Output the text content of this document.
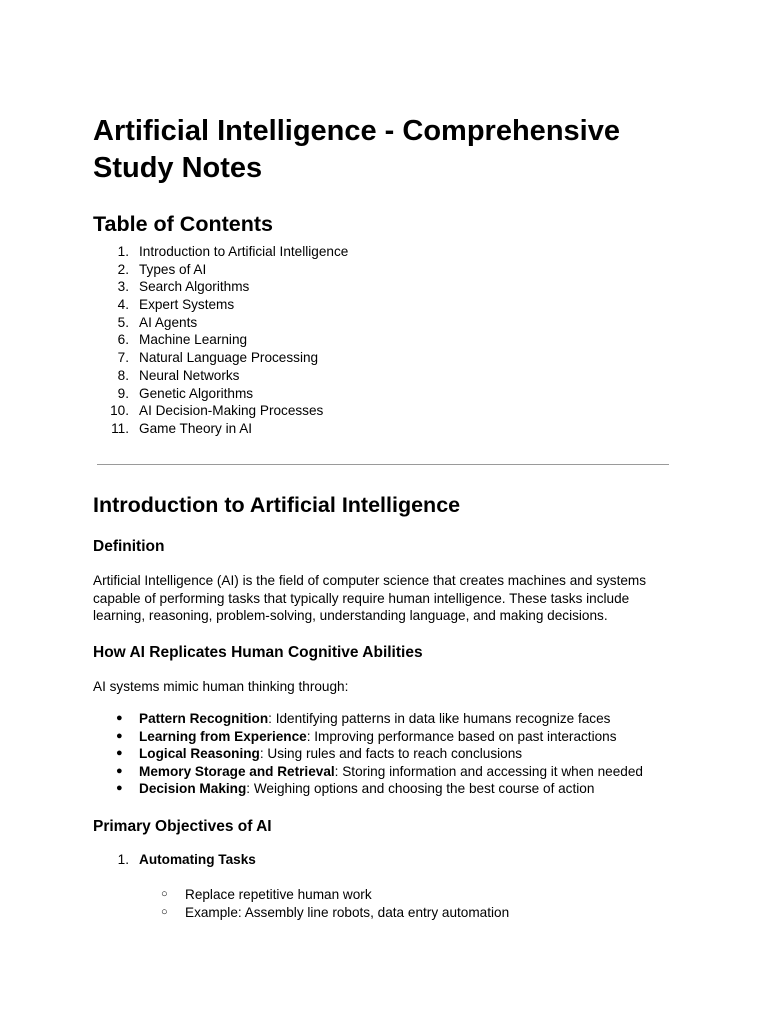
Artificial Intelligence - Comprehensive Study Notes
Table of Contents
1. Introduction to Artificial Intelligence
2. Types of AI
3. Search Algorithms
4. Expert Systems
5. AI Agents
6. Machine Learning
7. Natural Language Processing
8. Neural Networks
9. Genetic Algorithms
10. AI Decision-Making Processes
11. Game Theory in AI
Introduction to Artificial Intelligence
Definition
Artificial Intelligence (AI) is the field of computer science that creates machines and systems
capable of performing tasks that typically require human intelligence. These tasks include
learning, reasoning, problem-solving, understanding language, and making decisions.
How AI Replicates Human Cognitive Abilities
AI systems mimic human thinking through:
● Pattern Recognition: Identifying patterns in data like humans recognize faces
● Learning from Experience: Improving performance based on past interactions
● Logical Reasoning: Using rules and facts to reach conclusions
● Memory Storage and Retrieval: Storing information and accessing it when needed
● Decision Making: Weighing options and choosing the best course of action
Primary Objectives of AI
1. Automating Tasks
○ Replace repetitive human work
○ Example: Assembly line robots, data entry automation
